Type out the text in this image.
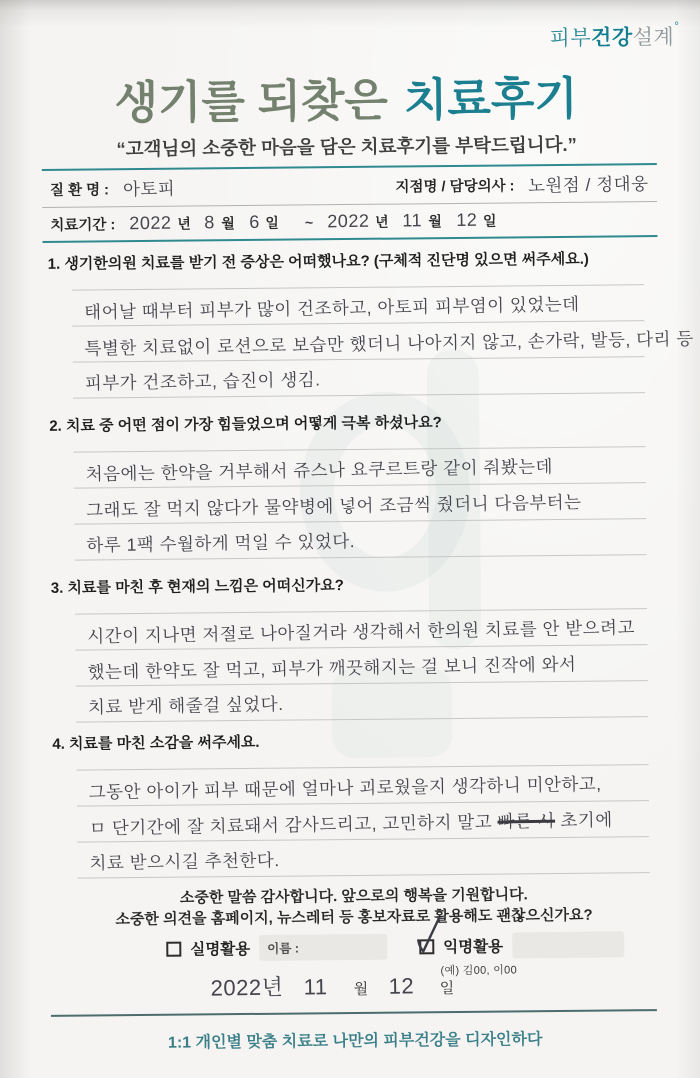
피부건강설계°
생기를 되찾은 치료후기
“고객님의 소중한 마음을 담은 치료후기를 부탁드립니다.”
질 환 명 : 아토피	지점명 / 담당의사 : 노원점 / 정대웅
치료기간 : 2022 년 8 월 6 일 ~ 2022 년 11 월 12 일
1. 생기한의원 치료를 받기 전 증상은 어떠했나요? (구체적 진단명 있으면 써주세요.)
태어날 때부터 피부가 많이 건조하고, 아토피 피부염이 있었는데
특별한 치료없이 로션으로 보습만 했더니 나아지지 않고, 손가락, 발등, 다리 등
피부가 건조하고, 습진이 생김.
2. 치료 중 어떤 점이 가장 힘들었으며 어떻게 극복 하셨나요?
처음에는 한약을 거부해서 쥬스나 요쿠르트랑 같이 줘봤는데
그래도 잘 먹지 않다가 물약병에 넣어 조금씩 줬더니 다음부터는
하루 1팩 수월하게 먹일 수 있었다.
3. 치료를 마친 후 현재의 느낌은 어떠신가요?
시간이 지나면 저절로 나아질거라 생각해서 한의원 치료를 안 받으려고
했는데 한약도 잘 먹고, 피부가 깨끗해지는 걸 보니 진작에 와서
치료 받게 해줄걸 싶었다.
4. 치료를 마친 소감을 써주세요.
그동안 아이가 피부 때문에 얼마나 괴로웠을지 생각하니 미안하고,
ㅁ 단기간에 잘 치료돼서 감사드리고, 고민하지 말고 빠른 시 초기에
치료 받으시길 추천한다.
소중한 말씀 감사합니다. 앞으로의 행복을 기원합니다.
소중한 의견을 홈페이지, 뉴스레터 등 홍보자료로 활용해도 괜찮으신가요?
실명활용 이름 :	익명활용
(예) 김00, 이00
2022년 11 월 12 일
1:1 개인별 맞춤 치료로 나만의 피부건강을 디자인하다
